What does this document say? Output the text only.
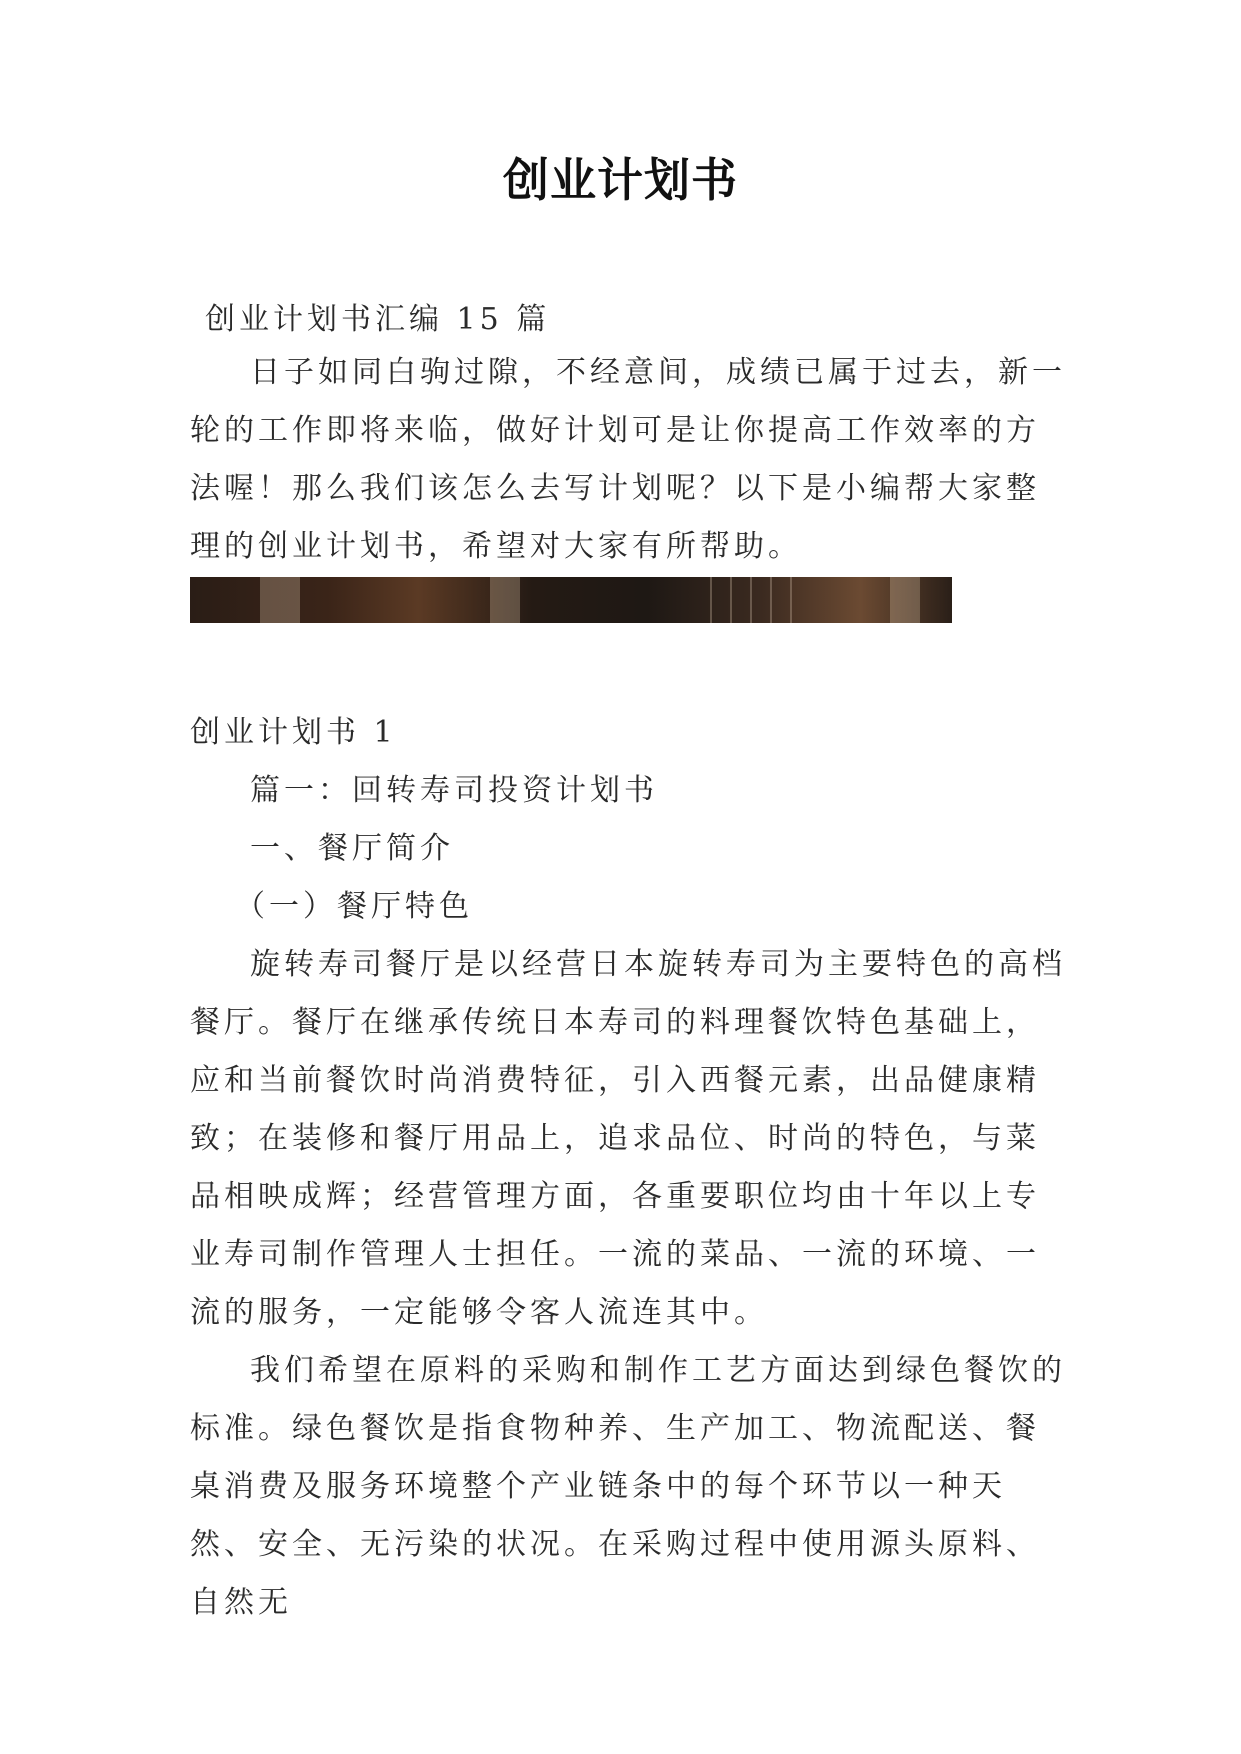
创业计划书
创业计划书汇编 15 篇

日子如同白驹过隙，不经意间，成绩已属于过去，新一轮的工作即将来临，做好计划可是让你提高工作效率的方法喔！那么我们该怎么去写计划呢？以下是小编帮大家整理的创业计划书，希望对大家有所帮助。

创业计划书 1

篇一：回转寿司投资计划书

一、餐厅简介

（一）餐厅特色

旋转寿司餐厅是以经营日本旋转寿司为主要特色的高档餐厅。餐厅在继承传统日本寿司的料理餐饮特色基础上，应和当前餐饮时尚消费特征，引入西餐元素，出品健康精致；在装修和餐厅用品上，追求品位、时尚的特色，与菜品相映成辉；经营管理方面，各重要职位均由十年以上专业寿司制作管理人士担任。一流的菜品、一流的环境、一流的服务，一定能够令客人流连其中。

我们希望在原料的采购和制作工艺方面达到绿色餐饮的标准。绿色餐饮是指食物种养、生产加工、物流配送、餐桌消费及服务环境整个产业链条中的每个环节以一种天然、安全、无污染的状况。在采购过程中使用源头原料、自然无
